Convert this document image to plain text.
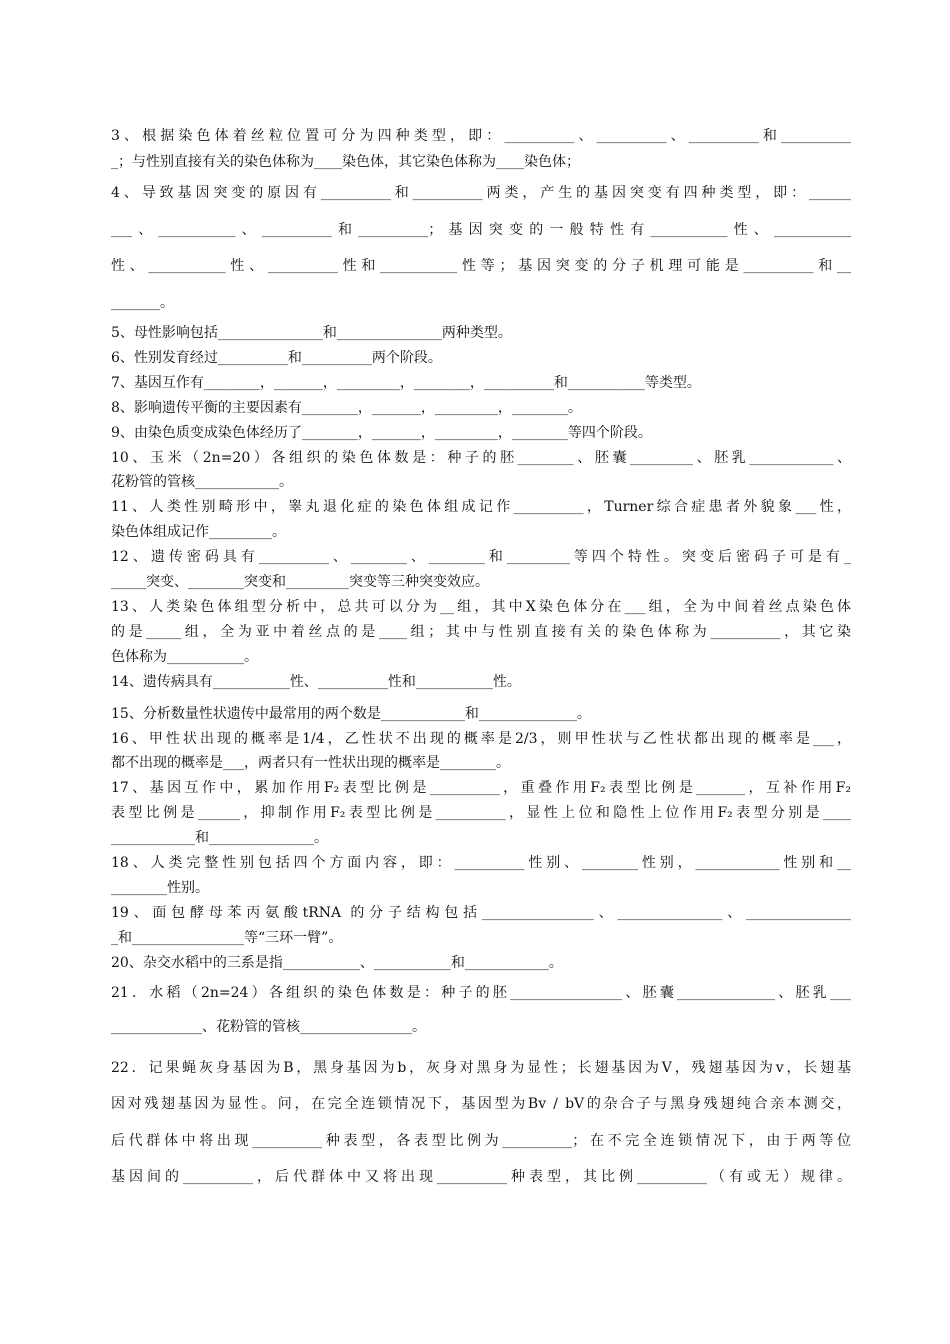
3、根据染色体着丝粒位置可分为四种类型，即：__________、__________、__________和__________
_；与性别直接有关的染色体称为____染色体，其它染色体称为____染色体；
4、导致基因突变的原因有__________和__________两类，产生的基因突变有四种类型，即：______
___、___________、__________和__________；基因突变的一般特性有___________性、___________
性、___________性、__________性和___________性等；基因突变的分子机理可能是__________和__
_______。
5、母性影响包括_______________和_______________两种类型。
6、性别发育经过__________和__________两个阶段。
7、基因互作有________，_______，_________，________，__________和___________等类型。
8、影响遗传平衡的主要因素有________，_______，_________，________。
9、由染色质变成染色体经历了________，_______，_________，________等四个阶段。
10、玉米（2n=20）各组织的染色体数是：种子的胚________、胚囊_________、胚乳____________、
花粉管的管核____________。
11、人类性别畸形中，睾丸退化症的染色体组成记作__________，Turner综合症患者外貌象___性，
染色体组成记作_________。
12、遗传密码具有__________、________、________和_________等四个特性。突变后密码子可是有_
_____突变、________突变和_________突变等三种突变效应。
13、人类染色体组型分析中，总共可以分为__组，其中X染色体分在___组，全为中间着丝点染色体
的是_____组，全为亚中着丝点的是____组；其中与性别直接有关的染色体称为__________，其它染
色体称为___________。
14、遗传病具有___________性、__________性和___________性。
15、分析数量性状遗传中最常用的两个数是____________和______________。
16、甲性状出现的概率是1/4，乙性状不出现的概率是2/3，则甲性状与乙性状都出现的概率是___，
都不出现的概率是___，两者只有一性状出现的概率是________。
17、基因互作中，累加作用F₂表型比例是__________，重叠作用F₂表型比例是_______，互补作用F₂
表型比例是______，抑制作用F₂表型比例是__________，显性上位和隐性上位作用F₂表型分别是____
____________和_______________。
18、人类完整性别包括四个方面内容，即：__________性别、________性别，____________性别和__
________性别。
19、面包酵母苯丙氨酸tRNA 的分子结构包括________________、_______________、_______________
_和________________等“三环一臂”。
20、杂交水稻中的三系是指___________、___________和____________。
21．水稻（2n=24）各组织的染色体数是：种子的胚________________、胚囊______________、胚乳___
_____________、花粉管的管核________________。
22．记果蝇灰身基因为B，黑身基因为b，灰身对黑身为显性；长翅基因为V，残翅基因为v，长翅基
因对残翅基因为显性。问，在完全连锁情况下，基因型为Bv / bV的杂合子与黑身残翅纯合亲本测交，
后代群体中将出现__________种表型，各表型比例为__________；在不完全连锁情况下，由于两等位
基因间的__________，后代群体中又将出现__________种表型，其比例__________（有或无）规律。
